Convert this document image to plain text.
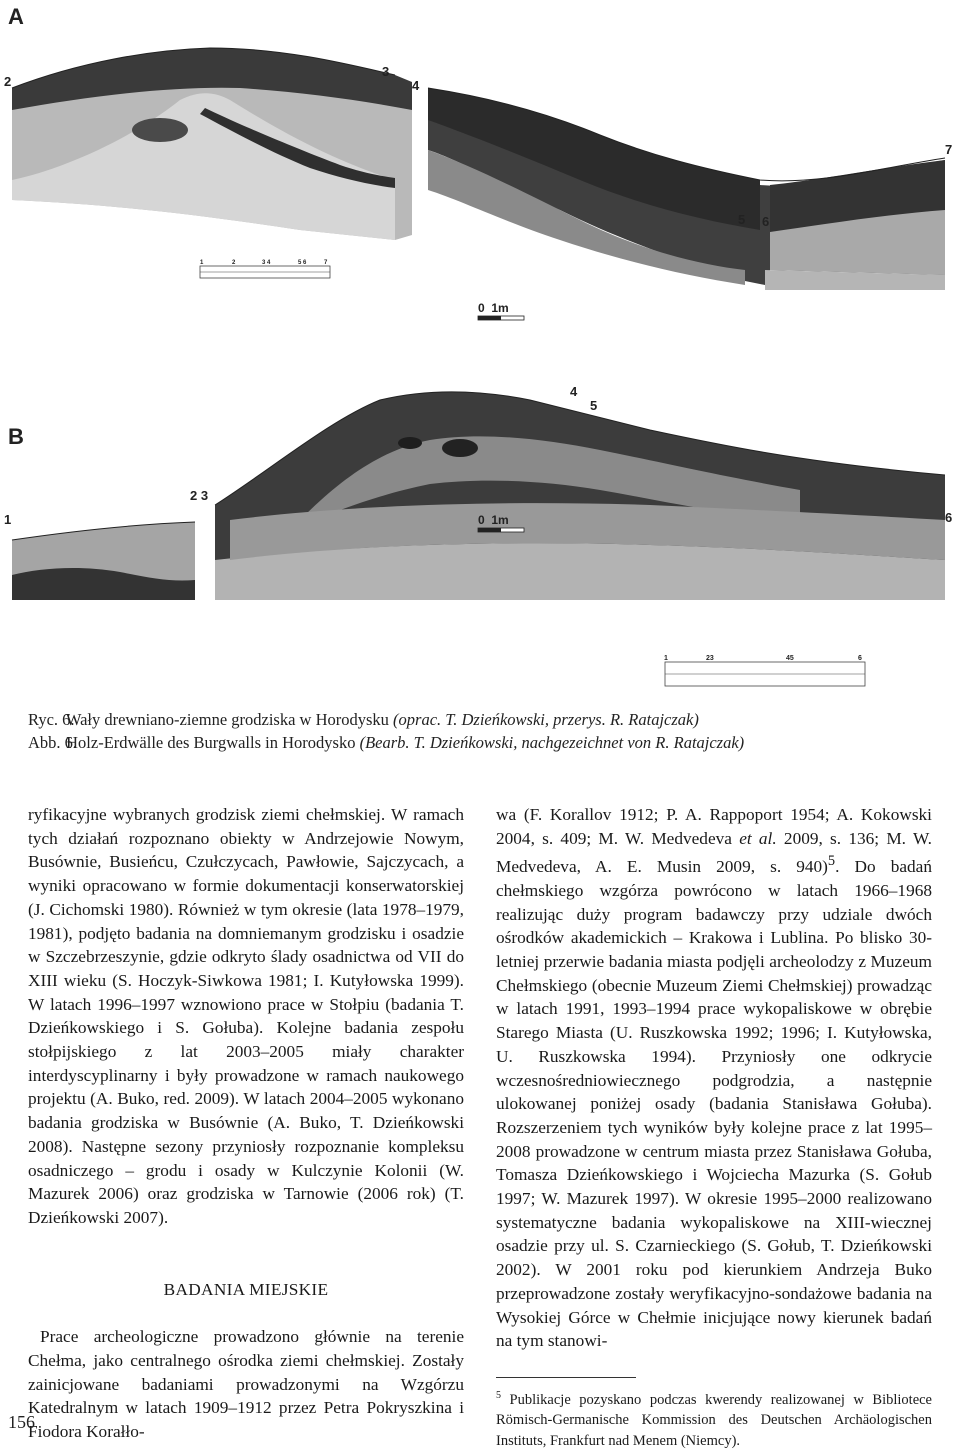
A
2
3
4
5 6
7
1	2	3 4	5 6	7
0  1m
B
1
2 3
4
5
6
0  1m
1	23	45	6
Ryc. 6. Wały drewniano-ziemne grodziska w Horodysku (oprac. T. Dzieńkowski, przerys. R. Ratajczak)
Abb. 6. Holz-Erdwälle des Burgwalls in Horodysko (Bearb. T. Dzieńkowski, nachgezeichnet von R. Ratajczak)

ryfikacyjne wybranych grodzisk ziemi chełmskiej. W ramach tych działań rozpoznano obiekty w Andrzejowie Nowym, Busównie, Busieńcu, Czułczycach, Pawłowie, Sajczycach, a wyniki opracowano w formie dokumentacji konserwatorskiej (J. Cichomski 1980). Również w tym okresie (lata 1978–1979, 1981), podjęto badania na domniemanym grodzisku i osadzie w Szczebrzeszynie, gdzie odkryto ślady osadnictwa od VII do XIII wieku (S. Hoczyk-Siwkowa 1981; I. Kutyłowska 1999). W latach 1996–1997 wznowiono prace w Stołpiu (badania T. Dzieńkowskiego i S. Gołuba). Kolejne badania zespołu stołpijskiego z lat 2003–2005 miały charakter interdyscyplinarny i były prowadzone w ramach naukowego projektu (A. Buko, red. 2009). W latach 2004–2005 wykonano badania grodziska w Busównie (A. Buko, T. Dzieńkowski 2008). Następne sezony przyniosły rozpoznanie kompleksu osadniczego – grodu i osady w Kulczynie Kolonii (W. Mazurek 2006) oraz grodziska w Tarnowie (2006 rok) (T. Dzieńkowski 2007).

BADANIA MIEJSKIE

Prace archeologiczne prowadzono głównie na terenie Chełma, jako centralnego ośrodka ziemi chełmskiej. Zostały zainicjowane badaniami prowadzonymi na Wzgórzu Katedralnym w latach 1909–1912 przez Petra Pokryszkina i Fiodora Korałło-

wa (F. Korallov 1912; P. A. Rappoport 1954; A. Kokowski 2004, s. 409; M. W. Medvedeva et al. 2009, s. 136; M. W. Medvedeva, A. E. Musin 2009, s. 940)$^5$. Do badań chełmskiego wzgórza powrócono w latach 1966–1968 realizując duży program badawczy przy udziale dwóch ośrodków akademickich – Krakowa i Lublina. Po blisko 30-letniej przerwie badania miasta podjęli archeolodzy z Muzeum Chełmskiego (obecnie Muzeum Ziemi Chełmskiej) prowadząc w latach 1991, 1993–1994 prace wykopaliskowe w obrębie Starego Miasta (U. Ruszkowska 1992; 1996; I. Kutyłowska, U. Ruszkowska 1994). Przyniosły one odkrycie wczesnośredniowiecznego podgrodzia, a następnie ulokowanej poniżej osady (badania Stanisława Gołuba). Rozszerzeniem tych wyników były kolejne prace z lat 1995–2008 prowadzone w centrum miasta przez Stanisława Gołuba, Tomasza Dzieńkowskiego i Wojciecha Mazurka (S. Gołub 1997; W. Mazurek 1997). W okresie 1995–2000 realizowano systematyczne badania wykopaliskowe na XIII-wiecznej osadzie przy ul. S. Czarnieckiego (S. Gołub, T. Dzieńkowski 2002). W 2001 roku pod kierunkiem Andrzeja Buko przeprowadzone zostały weryfikacyjno-sondażowe badania na Wysokiej Górce w Chełmie inicjujące nowy kierunek badań na tym stanowi-

$^5$ Publikacje pozyskano podczas kwerendy realizowanej w Bibliotece Römisch-Germanische Kommission des Deutschen Archäologischen Instituts, Frankfurt nad Menem (Niemcy).

156
